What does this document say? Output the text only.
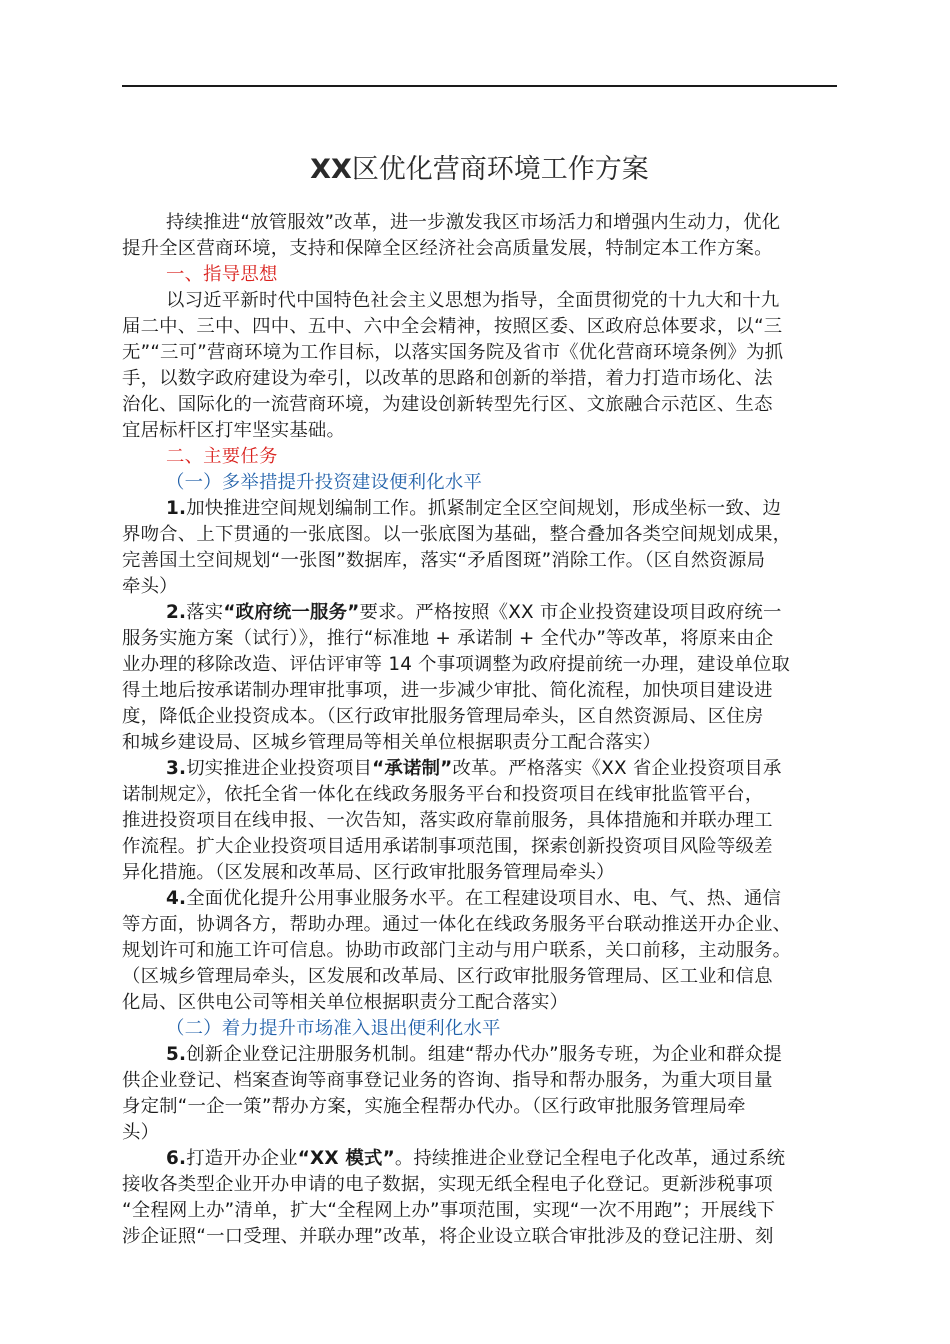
XX区优化营商环境工作方案
持续推进“放管服效”改革，进一步激发我区市场活力和增强内生动力，优化
提升全区营商环境，支持和保障全区经济社会高质量发展，特制定本工作方案。
一、指导思想
以习近平新时代中国特色社会主义思想为指导，全面贯彻党的十九大和十九
届二中、三中、四中、五中、六中全会精神，按照区委、区政府总体要求，以“三
无”“三可”营商环境为工作目标，以落实国务院及省市《优化营商环境条例》为抓
手，以数字政府建设为牵引，以改革的思路和创新的举措，着力打造市场化、法
治化、国际化的一流营商环境，为建设创新转型先行区、文旅融合示范区、生态
宜居标杆区打牢坚实基础。
二、主要任务
（一）多举措提升投资建设便利化水平
1.加快推进空间规划编制工作。抓紧制定全区空间规划，形成坐标一致、边
界吻合、上下贯通的一张底图。以一张底图为基础，整合叠加各类空间规划成果，
完善国土空间规划“一张图”数据库，落实“矛盾图斑”消除工作。（区自然资源局
牵头）
2.落实“政府统一服务”要求。严格按照《XX 市企业投资建设项目政府统一
服务实施方案（试行）》，推行“标准地 + 承诺制 + 全代办”等改革，将原来由企
业办理的移除改造、评估评审等 14 个事项调整为政府提前统一办理，建设单位取
得土地后按承诺制办理审批事项，进一步减少审批、简化流程，加快项目建设进
度，降低企业投资成本。（区行政审批服务管理局牵头，区自然资源局、区住房
和城乡建设局、区城乡管理局等相关单位根据职责分工配合落实）
3.切实推进企业投资项目“承诺制”改革。严格落实《XX 省企业投资项目承
诺制规定》，依托全省一体化在线政务服务平台和投资项目在线审批监管平台，
推进投资项目在线申报、一次告知，落实政府靠前服务，具体措施和并联办理工
作流程。扩大企业投资项目适用承诺制事项范围，探索创新投资项目风险等级差
异化措施。（区发展和改革局、区行政审批服务管理局牵头）
4.全面优化提升公用事业服务水平。在工程建设项目水、电、气、热、通信
等方面，协调各方，帮助办理。通过一体化在线政务服务平台联动推送开办企业、
规划许可和施工许可信息。协助市政部门主动与用户联系，关口前移，主动服务。
（区城乡管理局牵头，区发展和改革局、区行政审批服务管理局、区工业和信息
化局、区供电公司等相关单位根据职责分工配合落实）
（二）着力提升市场准入退出便利化水平
5.创新企业登记注册服务机制。组建“帮办代办”服务专班，为企业和群众提
供企业登记、档案查询等商事登记业务的咨询、指导和帮办服务，为重大项目量
身定制“一企一策”帮办方案，实施全程帮办代办。（区行政审批服务管理局牵
头）
6.打造开办企业“XX 模式”。持续推进企业登记全程电子化改革，通过系统
接收各类型企业开办申请的电子数据，实现无纸全程电子化登记。更新涉税事项
“全程网上办”清单，扩大“全程网上办”事项范围，实现“一次不用跑”；开展线下
涉企证照“一口受理、并联办理”改革，将企业设立联合审批涉及的登记注册、刻
